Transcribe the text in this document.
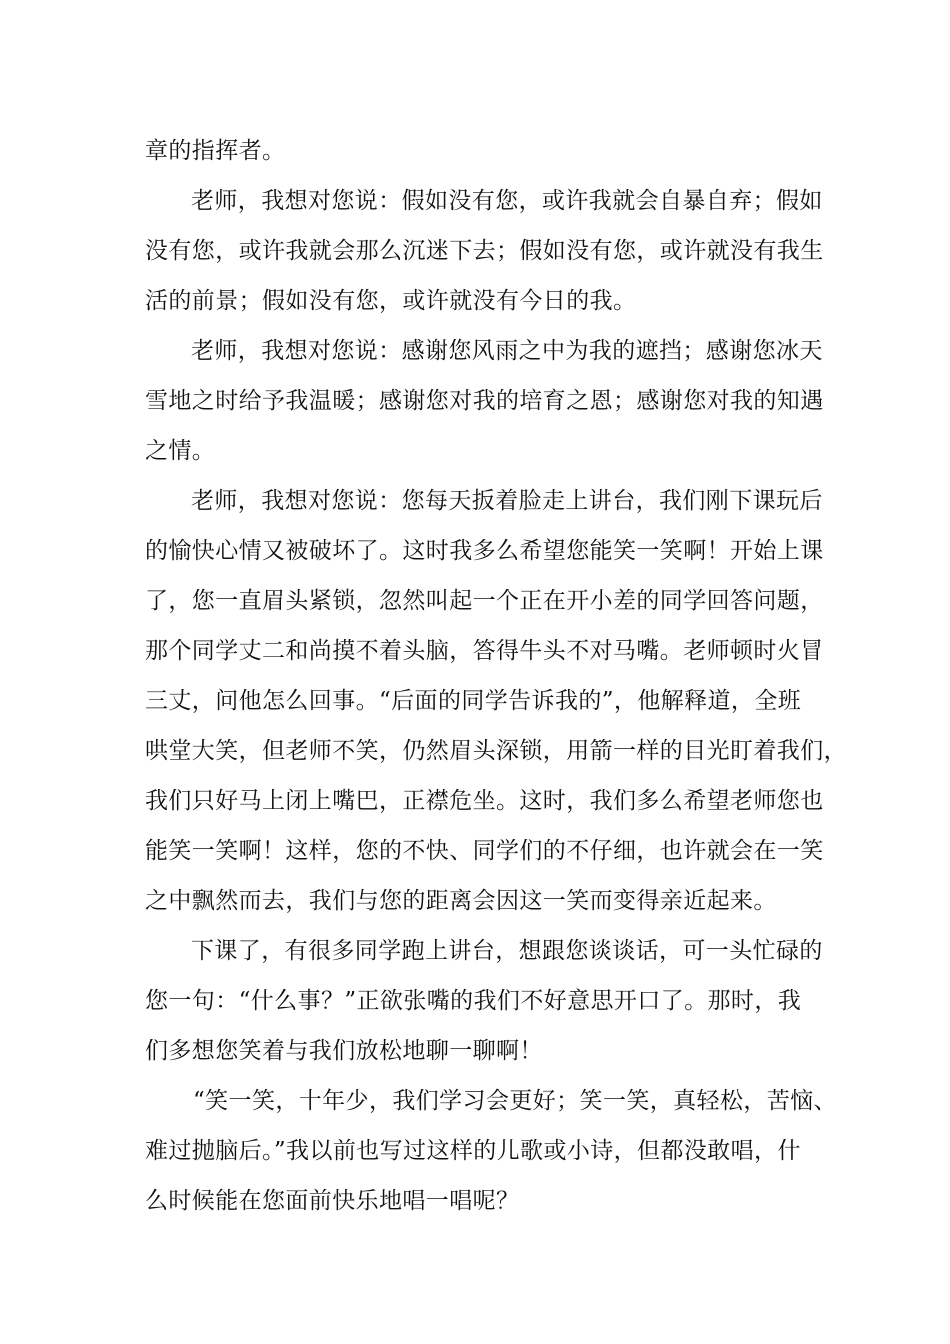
章的指挥者。
老师，我想对您说：假如没有您，或许我就会自暴自弃；假如
没有您，或许我就会那么沉迷下去；假如没有您，或许就没有我生
活的前景；假如没有您，或许就没有今日的我。
老师，我想对您说：感谢您风雨之中为我的遮挡；感谢您冰天
雪地之时给予我温暖；感谢您对我的培育之恩；感谢您对我的知遇
之情。
老师，我想对您说：您每天扳着脸走上讲台，我们刚下课玩后
的愉快心情又被破坏了。这时我多么希望您能笑一笑啊！开始上课
了，您一直眉头紧锁，忽然叫起一个正在开小差的同学回答问题，
那个同学丈二和尚摸不着头脑，答得牛头不对马嘴。老师顿时火冒
三丈，问他怎么回事。“后面的同学告诉我的”，他解释道，全班
哄堂大笑，但老师不笑，仍然眉头深锁，用箭一样的目光盯着我们，
我们只好马上闭上嘴巴，正襟危坐。这时，我们多么希望老师您也
能笑一笑啊！这样，您的不快、同学们的不仔细，也许就会在一笑
之中飘然而去，我们与您的距离会因这一笑而变得亲近起来。
下课了，有很多同学跑上讲台，想跟您谈谈话，可一头忙碌的
您一句：“什么事？”正欲张嘴的我们不好意思开口了。那时，我
们多想您笑着与我们放松地聊一聊啊！
“笑一笑，十年少，我们学习会更好；笑一笑，真轻松，苦恼、
难过抛脑后。”我以前也写过这样的儿歌或小诗，但都没敢唱，什
么时候能在您面前快乐地唱一唱呢？
